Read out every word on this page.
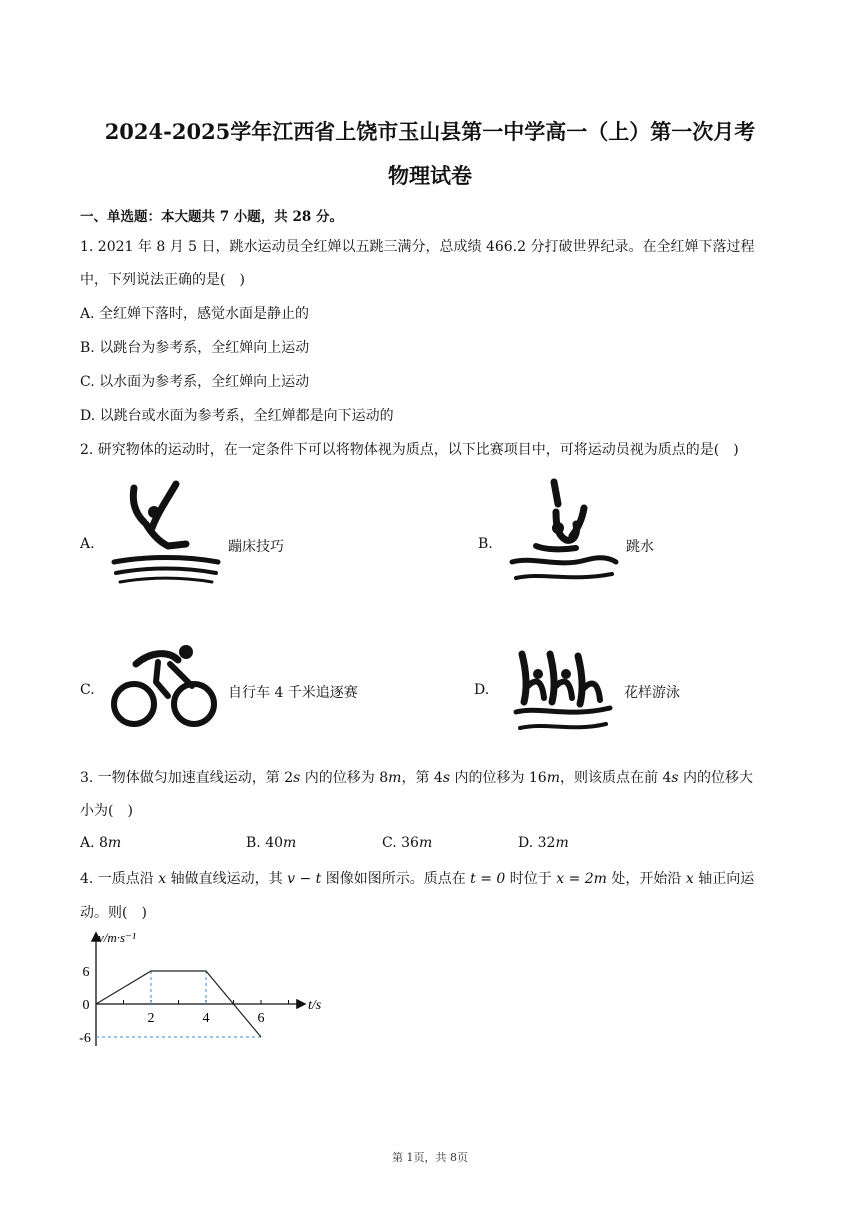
2024-2025学年江西省上饶市玉山县第一中学高一（上）第一次月考
物理试卷
一、单选题：本大题共 7 小题，共 28 分。
1. 2021 年 8 月 5 日，跳水运动员全红婵以五跳三满分，总成绩 466.2 分打破世界纪录。在全红婵下落过程
中，下列说法正确的是(　)
A. 全红婵下落时，感觉水面是静止的
B. 以跳台为参考系，全红婵向上运动
C. 以水面为参考系，全红婵向上运动
D. 以跳台或水面为参考系，全红婵都是向下运动的
2. 研究物体的运动时，在一定条件下可以将物体视为质点，以下比赛项目中，可将运动员视为质点的是(　)
A.	蹦床技巧	B.	跳水
C.	自行车 4 千米追逐赛	D.	花样游泳
3. 一物体做匀加速直线运动，第 2s 内的位移为 8m，第 4s 内的位移为 16m，则该质点在前 4s 内的位移大
小为(　)
A. 8m	B. 40m	C. 36m	D. 32m
4. 一质点沿 x 轴做直线运动，其 v − t 图像如图所示。质点在 t = 0 时位于 x = 2m 处，开始沿 x 轴正向运
动。则(　)
v/m·s⁻¹
t/s
2	4	6
6
0
-6
第 1页，共 8页
